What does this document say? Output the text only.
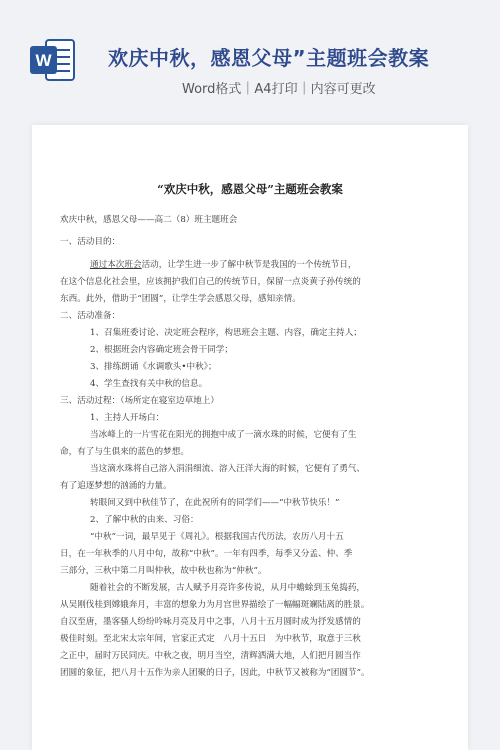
W	欢庆中秋，感恩父母”主题班会教案
Word格式｜A4打印｜内容可更改
“欢庆中秋，感恩父母”主题班会教案
欢庆中秋，感恩父母——高二（8）班主题班会
一、活动目的：
通过本次班会活动，让学生进一步了解中秋节是我国的一个传统节日，
在这个信息化社会里，应该拥护我们自己的传统节日，保留一点炎黄子孙传统的
东西。此外，借助于“团圆”，让学生学会感恩父母，感知亲情。
二、活动准备：
1、召集班委讨论、决定班会程序，构思班会主题、内容，确定主持人；
2、根据班会内容确定班会骨干同学；
3、排练朗诵《水调歌头•中秋》；
4、学生查找有关中秋的信息。
三、活动过程：（场所定在寝室边草地上）
1、主持人开场白：
当冰峰上的一片雪花在阳光的拥抱中成了一滴水珠的时候，它便有了生
命，有了与生俱来的蓝色的梦想。
当这滴水珠将自己溶入涓涓细流、溶入汪洋大海的时候，它便有了勇气、
有了追逐梦想的汹涌的力量。
转眼间又到中秋佳节了，在此祝所有的同学们——“中秋节快乐！”
2、了解中秋的由来、习俗：
“中秋”一词，最早见于《周礼》。根据我国古代历法，农历八月十五
日，在一年秋季的八月中旬，故称“中秋”。一年有四季，每季又分孟、仲、季
三部分，三秋中第二月叫仲秋，故中秋也称为“仲秋”。
随着社会的不断发展，古人赋予月亮许多传说，从月中蟾蜍到玉兔捣药，
从吴刚伐桂到嫦娥奔月，丰富的想象力为月宫世界描绘了一幅幅斑斓陆离的胜景。
自汉至唐，墨客骚人纷纷吟咏月亮及月中之事，八月十五月圆时成为抒发感情的
极佳时刻。至北宋太宗年间，官家正式定　八月十五日　为中秋节，取意于三秋
之正中，届时万民同庆。中秋之夜，明月当空，清辉洒满大地，人们把月圆当作
团圆的象征，把八月十五作为亲人团聚的日子，因此，中秋节又被称为“团圆节”。
